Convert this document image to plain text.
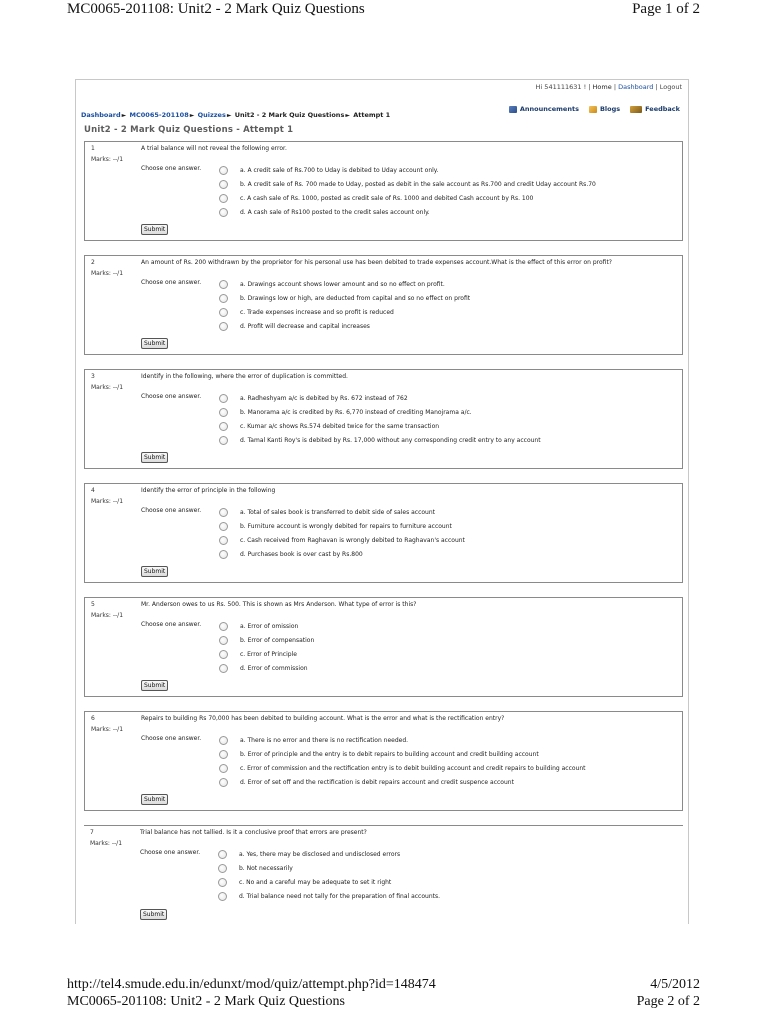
MC0065-201108: Unit2 - 2 Mark Quiz Questions	Page 1 of 2
Hi 541111631 ! | Home | Dashboard | Logout
Announcements	Blogs	Feedback
Dashboard► MC0065-201108► Quizzes► Unit2 - 2 Mark Quiz Questions► Attempt 1
Unit2 - 2 Mark Quiz Questions - Attempt 1
1
Marks: --/1
A trial balance will not reveal the following error.
Choose one answer.	a. A credit sale of Rs.700 to Uday is debited to Uday account only.
b. A credit sale of Rs. 700 made to Uday, posted as debit in the sale account as Rs.700 and credit Uday account Rs.70
c. A cash sale of Rs. 1000, posted as credit sale of Rs. 1000 and debited Cash account by Rs. 100
d. A cash sale of Rs100 posted to the credit sales account only.
Submit
2
Marks: --/1
An amount of Rs. 200 withdrawn by the proprietor for his personal use has been debited to trade expenses account.What is the effect of this error on profit?
Choose one answer.	a. Drawings account shows lower amount and so no effect on profit.
b. Drawings low or high, are deducted from capital and so no effect on profit
c. Trade expenses increase and so profit is reduced
d. Profit will decrease and capital increases
Submit
3
Marks: --/1
Identify in the following, where the error of duplication is committed.
Choose one answer.	a. Radheshyam a/c is debited by Rs. 672 instead of 762
b. Manorama a/c is credited by Rs. 6,770 instead of crediting Manojrama a/c.
c. Kumar a/c shows Rs.574 debited twice for the same transaction
d. Tamal Kanti Roy's is debited by Rs. 17,000 without any corresponding credit entry to any account
Submit
4
Marks: --/1
Identify the error of principle in the following
Choose one answer.	a. Total of sales book is transferred to debit side of sales account
b. Furniture account is wrongly debited for repairs to furniture account
c. Cash received from Raghavan is wrongly debited to Raghavan's account
d. Purchases book is over cast by Rs.800
Submit
5
Marks: --/1
Mr. Anderson owes to us Rs. 500. This is shown as Mrs Anderson. What type of error is this?
Choose one answer.	a. Error of omission
b. Error of compensation
c. Error of Principle
d. Error of commission
Submit
6
Marks: --/1
Repairs to building Rs 70,000 has been debited to building account. What is the error and what is the rectification entry?
Choose one answer.	a. There is no error and there is no rectification needed.
b. Error of principle and the entry is to debit repairs to building account and credit building account
c. Error of commission and the rectification entry is to debit building account and credit repairs to building account
d. Error of set off and the rectification is debit repairs account and credit suspence account
Submit
7
Marks: --/1
Trial balance has not tallied. Is it a conclusive proof that errors are present?
Choose one answer.	a. Yes, there may be disclosed and undisclosed errors
b. Not necessarily
c. No and a careful may be adequate to set it right
d. Trial balance need not tally for the preparation of final accounts.
Submit
http://tel4.smude.edu.in/edunxt/mod/quiz/attempt.php?id=148474	4/5/2012
MC0065-201108: Unit2 - 2 Mark Quiz Questions	Page 2 of 2
